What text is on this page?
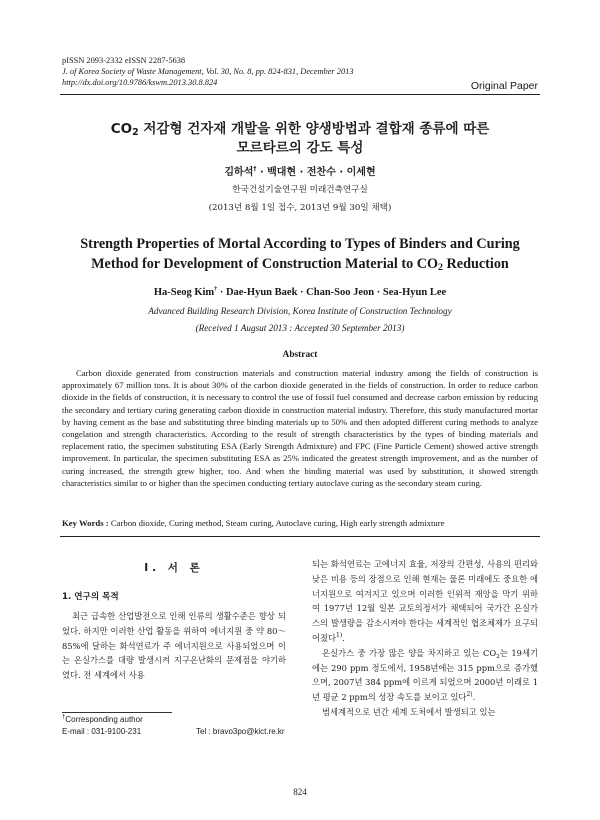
pISSN 2093-2332 eISSN 2287-5638
J. of Korea Society of Waste Management, Vol. 30, No. 8, pp. 824-831, December 2013
http://dx.doi.org/10.9786/kswm.2013.30.8.824	Original Paper
$CO_2$ 저감형 건자재 개발을 위한 양생방법과 결합재 종류에 따른
모르타르의 강도 특성
김하석† · 백대현 · 전찬수 · 이세현
한국건설기술연구원 미래건축연구실
(2013년 8월 1일 접수, 2013년 9월 30일 채택)
Strength Properties of Mortal According to Types of Binders and Curing
Method for Development of Construction Material to $CO_2$ Reduction
Ha-Seog Kim† · Dae-Hyun Baek · Chan-Soo Jeon · Sea-Hyun Lee
Advanced Building Research Division, Korea Institute of Construction Technology
(Received 1 Augsut 2013 : Accepted 30 September 2013)
Abstract
Carbon dioxide generated from construction materials and construction material industry among the fields of construction is approximately 67 million tons. It is about 30% of the carbon dioxide generated in the fields of construction. In order to reduce carbon dioxide in the fields of construction, it is necessary to control the use of fossil fuel consumed and decrease carbon emission by reducing the secondary and tertiary curing generating carbon dioxide in construction material industry. Therefore, this study manufactured mortar by having cement as the base and substituting three binding materials up to 50% and then adopted different curing methods to analyze congelation and strength characteristics. According to the result of strength characteristics by the types of binding materials and replacement ratio, the specimen substituting ESA (Early Strength Admixture) and FPC (Fine Particle Cement) showed active strength improvement. In particular, the specimen substituting ESA as 25% indicated the greatest strength improvement, and as the number of curing increased, the strength grew higher, too. And when the binding material was used by substitution, it showed strength characteristics similar to or higher than the specimen conducting tertiary autoclave curing as the secondary steam curing.
Key Words : Carbon dioxide, Curing method, Steam curing, Autoclave curing, High early strength admixture
I. 서 론
1. 연구의 목적
최근 급속한 산업발전으로 인해 인류의 생활수준은 향상 되었다. 하지만 이러한 산업 활동을 위하여 에너지원 중 약 80～85%에 달하는 화석연료가 주 에너지원으로 사용되었으며 이는 온실가스를 대량 발생시켜 지구온난화의 문제점을 야기하였다. 전 세계에서 사용

되는 화석연료는 고에너지 효율, 저장의 간편성, 사용의 편리와 낮은 비용 등의 장점으로 인해 현재는 물론 미래에도 중요한 에너지원으로 여겨지고 있으며 이러한 인위적 재앙을 막기 위하여 1977년 12월 일본 교토의정서가 채택되어 국가간 온실가스의 발생량을 감소시켜야 한다는 세계적인 협조체제가 요구되어졌다$^{1)}$.

온실가스 중 가장 많은 양을 차지하고 있는 $CO_2$는 19세기에는 290 ppm 정도에서, 1958년에는 315 ppm으로 증가했으며, 2007년 384 ppm에 이르게 되었으며 2000년 이래로 1년 평균 2 ppm의 성장 속도를 보이고 있다$^{2)}$.

범세계적으로 년간 세계 도처에서 발생되고 있는

†Corresponding author
E-mail : 031-9100-231	Tel : bravo3po@kict.re.kr
824
